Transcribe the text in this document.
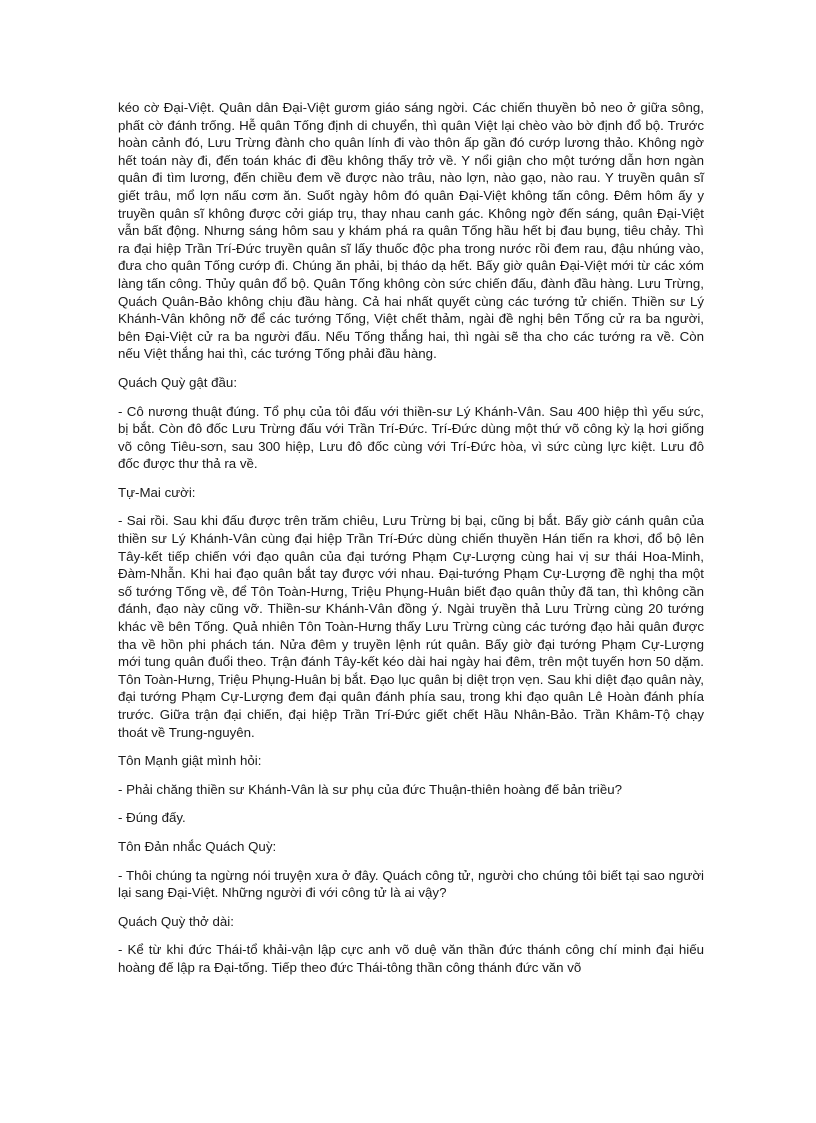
kéo cờ Đại-Việt. Quân dân Đại-Việt gươm giáo sáng ngời. Các chiến thuyền bỏ neo ở giữa sông, phất cờ đánh trống. Hễ quân Tống định di chuyển, thì quân Việt lại chèo vào bờ định đổ bộ. Trước hoàn cảnh đó, Lưu Trừng đành cho quân lính đi vào thôn ấp gần đó cướp lương thảo. Không ngờ hết toán này đi, đến toán khác đi đều không thấy trở về. Y nổi giận cho một tướng dẫn hơn ngàn quân đi tìm lương, đến chiều đem về được nào trâu, nào lợn, nào gạo, nào rau. Y truyền quân sĩ giết trâu, mổ lợn nấu cơm ăn. Suốt ngày hôm đó quân Đại-Việt không tấn công. Đêm hôm ấy y truyền quân sĩ không được cởi giáp trụ, thay nhau canh gác. Không ngờ đến sáng, quân Đại-Việt vẫn bất động. Nhưng sáng hôm sau y khám phá ra quân Tống hầu hết bị đau bụng, tiêu chảy. Thì ra đại hiệp Trần Trí-Đức truyền quân sĩ lấy thuốc độc pha trong nước rồi đem rau, đậu nhúng vào, đưa cho quân Tống cướp đi. Chúng ăn phải, bị tháo dạ hết. Bấy giờ quân Đại-Việt mới từ các xóm làng tấn công. Thủy quân đổ bộ. Quân Tống không còn sức chiến đấu, đành đầu hàng. Lưu Trừng, Quách Quân-Bảo không chịu đầu hàng. Cả hai nhất quyết cùng các tướng tử chiến. Thiền sư Lý Khánh-Vân không nỡ để các tướng Tống, Việt chết thảm, ngài đề nghị bên Tống cử ra ba người, bên Đại-Việt cử ra ba người đấu. Nếu Tống thắng hai, thì ngài sẽ tha cho các tướng ra về. Còn nếu Việt thắng hai thì, các tướng Tống phải đầu hàng.

Quách Quỳ gật đầu:

- Cô nương thuật đúng. Tổ phụ của tôi đấu với thiền-sư Lý Khánh-Vân. Sau 400 hiệp thì yếu sức, bị bắt. Còn đô đốc Lưu Trừng đấu với Trần Trí-Đức. Trí-Đức dùng một thứ võ công kỳ lạ hơi giống võ công Tiêu-sơn, sau 300 hiệp, Lưu đô đốc cùng với Trí-Đức hòa, vì sức cùng lực kiệt. Lưu đô đốc được thư thả ra về.

Tự-Mai cười:

- Sai rồi. Sau khi đấu được trên trăm chiêu, Lưu Trừng bị bại, cũng bị bắt. Bấy giờ cánh quân của thiền sư Lý Khánh-Vân cùng đại hiệp Trần Trí-Đức dùng chiến thuyền Hán tiến ra khơi, đổ bộ lên Tây-kết tiếp chiến với đạo quân của đại tướng Phạm Cự-Lượng cùng hai vị sư thái Hoa-Minh, Đàm-Nhẫn. Khi hai đạo quân bắt tay được với nhau. Đại-tướng Phạm Cự-Lượng đề nghị tha một số tướng Tống về, để Tôn Toàn-Hưng, Triệu Phụng-Huân biết đạo quân thủy đã tan, thì không cần đánh, đạo này cũng vỡ. Thiền-sư Khánh-Vân đồng ý. Ngài truyền thả Lưu Trừng cùng 20 tướng khác về bên Tống. Quả nhiên Tôn Toàn-Hưng thấy Lưu Trừng cùng các tướng đạo hải quân được tha về hồn phi phách tán. Nửa đêm y truyền lệnh rút quân. Bấy giờ đại tướng Phạm Cự-Lượng mới tung quân đuổi theo. Trận đánh Tây-kết kéo dài hai ngày hai đêm, trên một tuyến hơn 50 dặm. Tôn Toàn-Hưng, Triệu Phụng-Huân bị bắt. Đạo lục quân bị diệt trọn vẹn. Sau khi diệt đạo quân này, đại tướng Phạm Cự-Lượng đem đại quân đánh phía sau, trong khi đạo quân Lê Hoàn đánh phía trước. Giữa trận đại chiến, đại hiệp Trần Trí-Đức giết chết Hầu Nhân-Bảo. Trần Khâm-Tộ chạy thoát về Trung-nguyên.

Tôn Mạnh giật mình hỏi:

- Phải chăng thiền sư Khánh-Vân là sư phụ của đức Thuận-thiên hoàng đế bản triều?

- Đúng đấy.

Tôn Đản nhắc Quách Quỳ:

- Thôi chúng ta ngừng nói truyện xưa ở đây. Quách công tử, người cho chúng tôi biết tại sao người lại sang Đại-Việt. Những người đi với công tử là ai vậy?

Quách Quỳ thở dài:

- Kể từ khi đức Thái-tổ khải-vận lập cực anh võ duệ văn thần đức thánh công chí minh đại hiếu hoàng đế lập ra Đại-tống. Tiếp theo đức Thái-tông thần công thánh đức văn võ
